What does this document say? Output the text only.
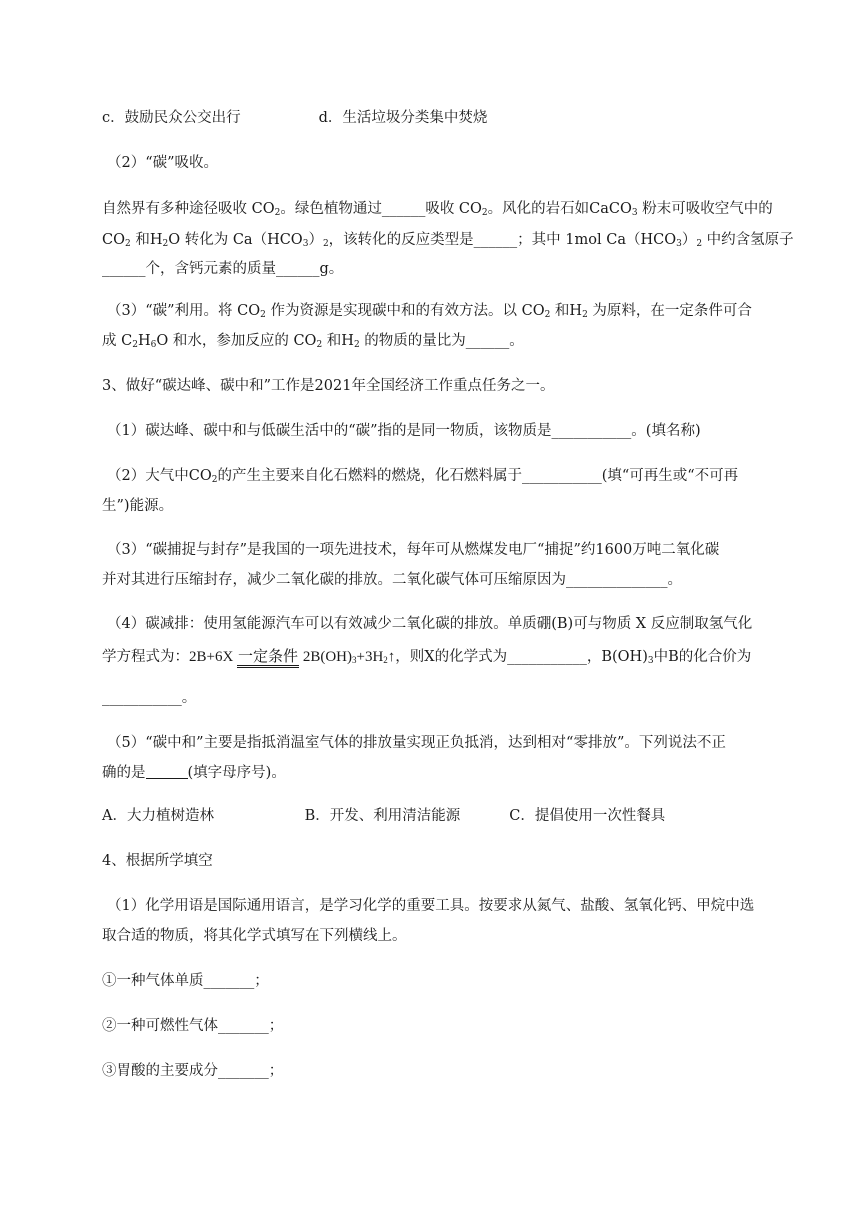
c．鼓励民众公交出行	d．生活垃圾分类集中焚烧
（2）“碳”吸收。
自然界有多种途径吸收 $CO_2$。绿色植物通过______吸收 $CO_2$。风化的岩石如CaCO$_3$ 粉末可吸收空气中的
$CO_2$ 和$H_2O$ 转化为 $Ca(HCO_3)_2$，该转化的反应类型是______；其中 1mol $Ca(HCO_3)_2$ 中约含氢原子
______个，含钙元素的质量______g。
（3）“碳”利用。将 $CO_2$ 作为资源是实现碳中和的有效方法。以 $CO_2$ 和$H_2$ 为原料，在一定条件可合
成 $C_2H_6O$ 和水，参加反应的 $CO_2$ 和$H_2$ 的物质的量比为______。
3、做好“碳达峰、碳中和”工作是2021年全国经济工作重点任务之一。
（1）碳达峰、碳中和与低碳生活中的“碳”指的是同一物质，该物质是___________。(填名称)
（2）大气中$CO_2$的产生主要来自化石燃料的燃烧，化石燃料属于___________(填“可再生或“不可再
生”)能源。
（3）“碳捕捉与封存”是我国的一项先进技术，每年可从燃煤发电厂“捕捉”约1600万吨二氧化碳
并对其进行压缩封存，减少二氧化碳的排放。二氧化碳气体可压缩原因为______________。
（4）碳减排：使用氢能源汽车可以有效减少二氧化碳的排放。单质硼(B)可与物质 X 反应制取氢气化
学方程式为：2B+6X 一定条件 $2B(OH)_3+3H_2↑$，则X的化学式为___________，$B(OH)_3$中B的化合价为
___________。
（5）“碳中和”主要是指抵消温室气体的排放量实现正负抵消，达到相对“零排放”。下列说法不正
确的是	(填字母序号)。
A．大力植树造林	B．开发、利用清洁能源	C．提倡使用一次性餐具
4、根据所学填空
（1）化学用语是国际通用语言，是学习化学的重要工具。按要求从氮气、盐酸、氢氧化钙、甲烷中选
取合适的物质，将其化学式填写在下列横线上。
①一种气体单质_______；
②一种可燃性气体_______；
③胃酸的主要成分_______；
